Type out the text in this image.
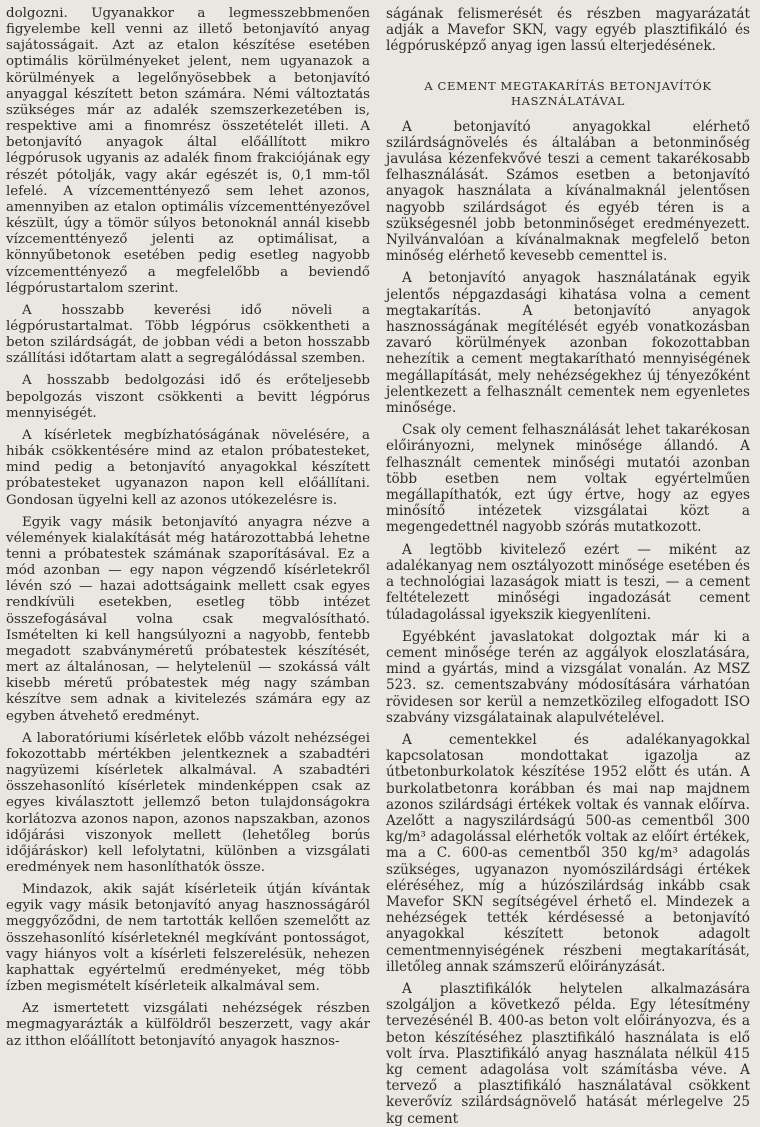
dolgozni. Ugyanakkor a legmesszebbmenően figyelembe kell venni az illető betonjavító anyag sajátosságait. Azt az etalon készítése esetében optimális körülményeket jelent, nem ugyanazok a körülmények a legelőnyösebbek a betonjavító anyaggal készített beton számára. Némi változtatás szükséges már az adalék szemszerkezetében is, respektive ami a finomrész összetételét illeti. A betonjavító anyagok által előállított mikro légpórusok ugyanis az adalék finom frakciójának egy részét pótolják, vagy akár egészét is, 0,1 mm-től lefelé. A vízcementtényező sem lehet azonos, amennyiben az etalon optimális vízcementtényezővel készült, úgy a tömör súlyos betonoknál annál kisebb vízcementtényező jelenti az optimálisat, a könnyűbetonok esetében pedig esetleg nagyobb vízcementtényező a megfelelőbb a beviendő légpórustartalom szerint.

A hosszabb keverési idő növeli a légpórustartalmat. Több légpórus csökkentheti a beton szilárdságát, de jobban védi a beton hosszabb szállítási időtartam alatt a segregálódással szemben.

A hosszabb bedolgozási idő és erőteljesebb bepolgozás viszont csökkenti a bevitt légpórus mennyiségét.

A kísérletek megbízhatóságának növelésére, a hibák csökkentésére mind az etalon próbatesteket, mind pedig a betonjavító anyagokkal készített próbatesteket ugyanazon napon kell előállítani. Gondosan ügyelni kell az azonos utókezelésre is.

Egyik vagy másik betonjavító anyagra nézve a vélemények kialakítását még határozottabbá lehetne tenni a próbatestek számának szaporításával. Ez a mód azonban — egy napon végzendő kísérletekről lévén szó — hazai adottságaink mellett csak egyes rendkívüli esetekben, esetleg több intézet összefogásával volna csak megvalósítható. Ismételten ki kell hangsúlyozni a nagyobb, fentebb megadott szabványméretű próbatestek készítését, mert az általánosan, — helytelenül — szokássá vált kisebb méretű próbatestek még nagy számban készítve sem adnak a kivitelezés számára egy az egyben átvehető eredményt.

A laboratóriumi kísérletek előbb vázolt nehézségei fokozottabb mértékben jelentkeznek a szabadtéri nagyüzemi kísérletek alkalmával. A szabadtéri összehasonlító kísérletek mindenképpen csak az egyes kiválasztott jellemző beton tulajdonságokra korlátozva azonos napon, azonos napszakban, azonos időjárási viszonyok mellett (lehetőleg borús időjáráskor) kell lefolytatni, különben a vizsgálati eredmények nem hasonlíthatók össze.

Mindazok, akik saját kísérleteik útján kívántak egyik vagy másik betonjavító anyag hasznosságáról meggyőződni, de nem tartották kellően szemelőtt az összehasonlító kísérleteknél megkívánt pontosságot, vagy hiányos volt a kísérleti felszerelésük, nehezen kaphattak egyértelmű eredményeket, még több ízben megismételt kísérleteik alkalmával sem.

Az ismertetett vizsgálati nehézségek részben megmagyarázták a külföldről beszerzett, vagy akár az itthon előállított betonjavító anyagok hasznos-

ságának felismerését és részben magyarázatát adják a Mavefor SKN, vagy egyéb plasztifikáló és légpórusképző anyag igen lassú elterjedésének.

A CEMENT MEGTAKARÍTÁS BETONJAVÍTÓK
HASZNÁLATÁVAL

A betonjavító anyagokkal elérhető szilárdságnövelés és általában a betonminőség javulása kézenfekvővé teszi a cement takarékosabb felhasználását. Számos esetben a betonjavító anyagok használata a kívánalmaknál jelentősen nagyobb szilárdságot és egyéb téren is a szükségesnél jobb betonminőséget eredményezett. Nyilvánvalóan a kívánalmaknak megfelelő beton minőség elérhető kevesebb cementtel is.

A betonjavító anyagok használatának egyik jelentős népgazdasági kihatása volna a cement megtakarítás. A betonjavító anyagok hasznosságának megítélését egyéb vonatkozásban zavaró körülmények azonban fokozottabban nehezítik a cement megtakarítható mennyiségének megállapítását, mely nehézségekhez új tényezőként jelentkezett a felhasznált cementek nem egyenletes minősége.

Csak oly cement felhasználását lehet takarékosan előirányozni, melynek minősége állandó. A felhasznált cementek minőségi mutatói azonban több esetben nem voltak egyértelműen megállapíthatók, ezt úgy értve, hogy az egyes minősítő intézetek vizsgálatai közt a megengedettnél nagyobb szórás mutatkozott.

A legtöbb kivitelező ezért — miként az adalékanyag nem osztályozott minősége esetében és a technológiai lazaságok miatt is teszi, — a cement feltételezett minőségi ingadozását cement túladagolással igyekszik kiegyenlíteni.

Egyébként javaslatokat dolgoztak már ki a cement minősége terén az aggályok eloszlatására, mind a gyártás, mind a vizsgálat vonalán. Az MSZ 523. sz. cementszabvány módosítására várhatóan rövidesen sor kerül a nemzetközileg elfogadott ISO szabvány vizsgálatainak alapulvételével.

A cementekkel és adalékanyagokkal kapcsolatosan mondottakat igazolja az útbetonburkolatok készítése 1952 előtt és után. A burkolatbetonra korábban és mai nap majdnem azonos szilárdsági értékek voltak és vannak előírva. Azelőtt a nagyszilárdságú 500-as cementből 300 kg/m³ adagolással elérhetők voltak az előírt értékek, ma a C. 600-as cementből 350 kg/m³ adagolás szükséges, ugyanazon nyomószilárdsági értékek eléréséhez, míg a húzószilárdság inkább csak Mavefor SKN segítségével érhető el. Mindezek a nehézségek tették kérdésessé a betonjavító anyagokkal készített betonok adagolt cementmennyiségének részbeni megtakarítását, illetőleg annak számszerű előirányzását.

A plasztifikálók helytelen alkalmazására szolgáljon a következő példa. Egy létesítmény tervezésénél B. 400-as beton volt előirányozva, és a beton készítéséhez plasztifikáló használata is elő volt írva. Plasztifikáló anyag használata nélkül 415 kg cement adagolása volt számításba véve. A tervező a plasztifikáló használatával csökkent keverővíz szilárdságnövelő hatását mérlegelve 25 kg cement
